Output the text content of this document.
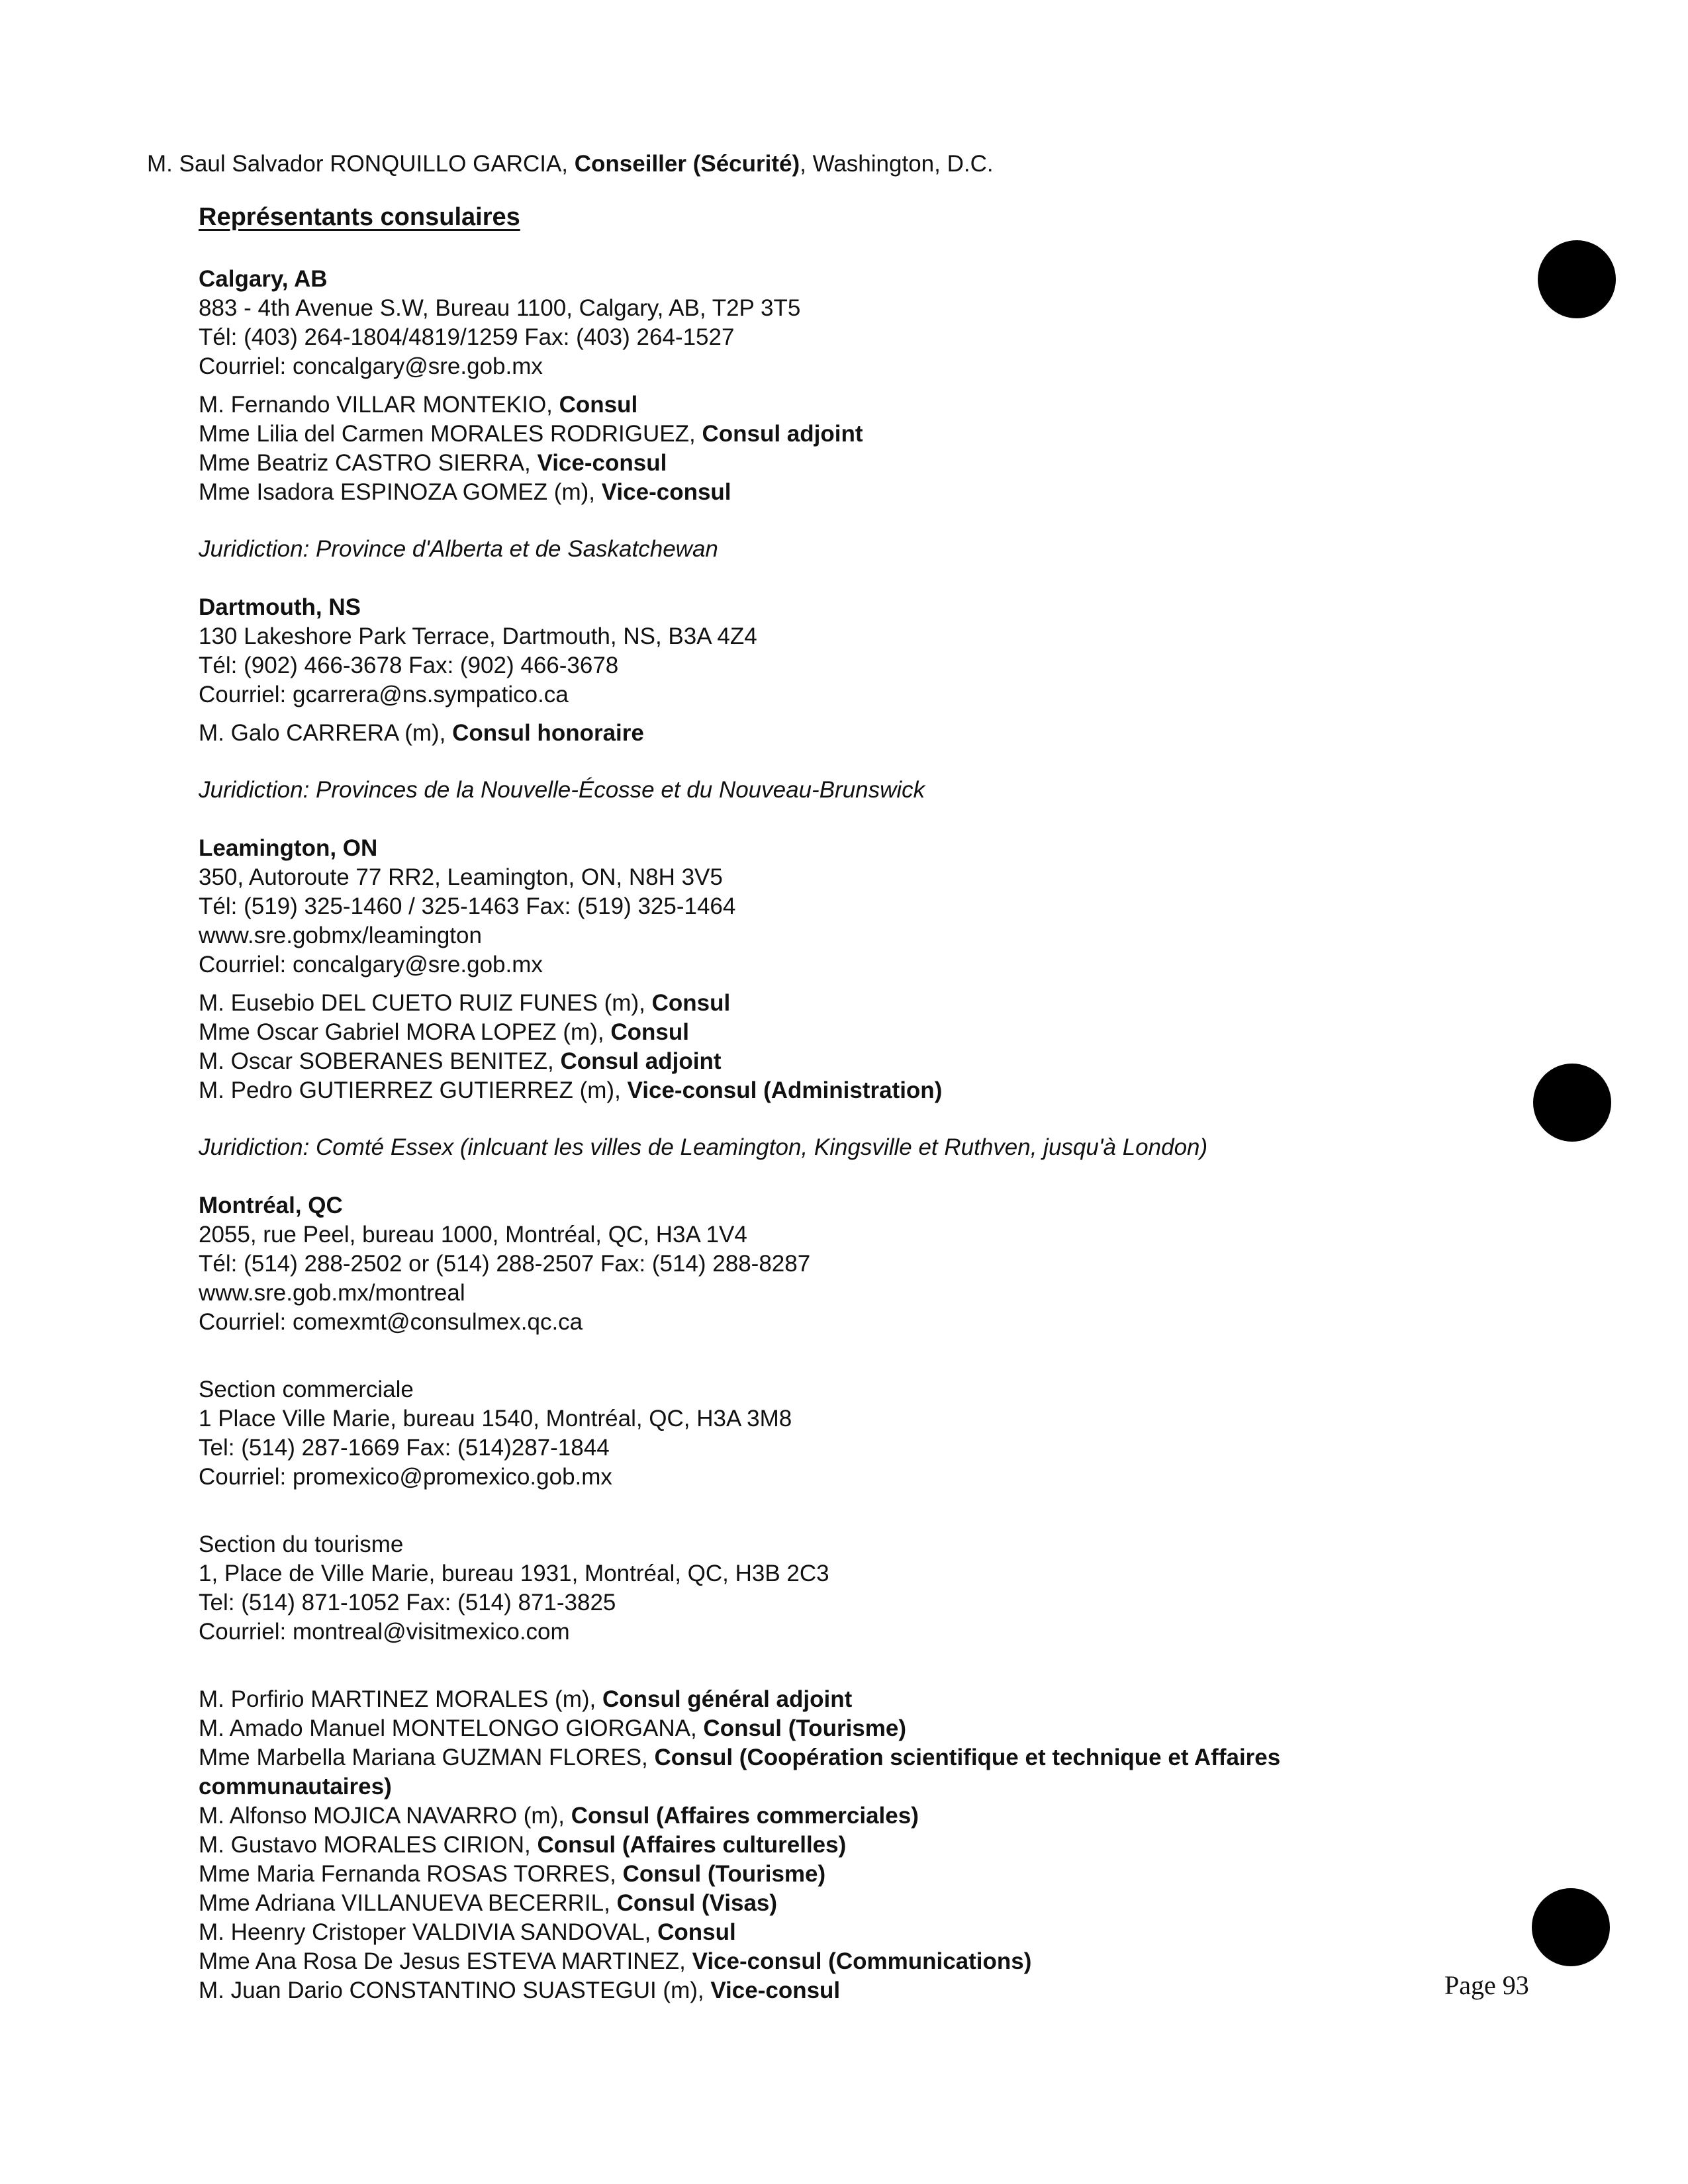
M. Saul Salvador RONQUILLO GARCIA, Conseiller (Sécurité), Washington, D.C.
Représentants consulaires
Calgary, AB
883 - 4th Avenue S.W, Bureau 1100, Calgary, AB, T2P 3T5
Tél: (403) 264-1804/4819/1259 Fax: (403) 264-1527
Courriel: concalgary@sre.gob.mx
M. Fernando VILLAR MONTEKIO, Consul
Mme Lilia del Carmen MORALES RODRIGUEZ, Consul adjoint
Mme Beatriz CASTRO SIERRA, Vice-consul
Mme Isadora ESPINOZA GOMEZ (m), Vice-consul
Juridiction: Province d'Alberta et de Saskatchewan
Dartmouth, NS
130 Lakeshore Park Terrace, Dartmouth, NS, B3A 4Z4
Tél: (902) 466-3678 Fax: (902) 466-3678
Courriel: gcarrera@ns.sympatico.ca
M. Galo CARRERA (m), Consul honoraire
Juridiction: Provinces de la Nouvelle-Écosse et du Nouveau-Brunswick
Leamington, ON
350, Autoroute 77 RR2, Leamington, ON, N8H 3V5
Tél: (519) 325-1460 / 325-1463 Fax: (519) 325-1464
www.sre.gobmx/leamington
Courriel: concalgary@sre.gob.mx
M. Eusebio DEL CUETO RUIZ FUNES (m), Consul
Mme Oscar Gabriel MORA LOPEZ (m), Consul
M. Oscar SOBERANES BENITEZ, Consul adjoint
M. Pedro GUTIERREZ GUTIERREZ (m), Vice-consul (Administration)
Juridiction: Comté Essex (inlcuant les villes de Leamington, Kingsville et Ruthven, jusqu'à London)
Montréal, QC
2055, rue Peel, bureau 1000, Montréal, QC, H3A 1V4
Tél: (514) 288-2502 or (514) 288-2507 Fax: (514) 288-8287
www.sre.gob.mx/montreal
Courriel: comexmt@consulmex.qc.ca
Section commerciale
1 Place Ville Marie, bureau 1540, Montréal, QC, H3A 3M8
Tel: (514) 287-1669 Fax: (514)287-1844
Courriel: promexico@promexico.gob.mx
Section du tourisme
1, Place de Ville Marie, bureau 1931, Montréal, QC, H3B 2C3
Tel: (514) 871-1052 Fax: (514) 871-3825
Courriel: montreal@visitmexico.com
M. Porfirio MARTINEZ MORALES (m), Consul général adjoint
M. Amado Manuel MONTELONGO GIORGANA, Consul (Tourisme)
Mme Marbella Mariana GUZMAN FLORES, Consul (Coopération scientifique et technique et Affaires communautaires)
M. Alfonso MOJICA NAVARRO (m), Consul (Affaires commerciales)
M. Gustavo MORALES CIRION, Consul (Affaires culturelles)
Mme Maria Fernanda ROSAS TORRES, Consul (Tourisme)
Mme Adriana VILLANUEVA BECERRIL, Consul (Visas)
M. Heenry Cristoper VALDIVIA SANDOVAL, Consul
Mme Ana Rosa De Jesus ESTEVA MARTINEZ, Vice-consul (Communications)
M. Juan Dario CONSTANTINO SUASTEGUI (m), Vice-consul	Page 93
